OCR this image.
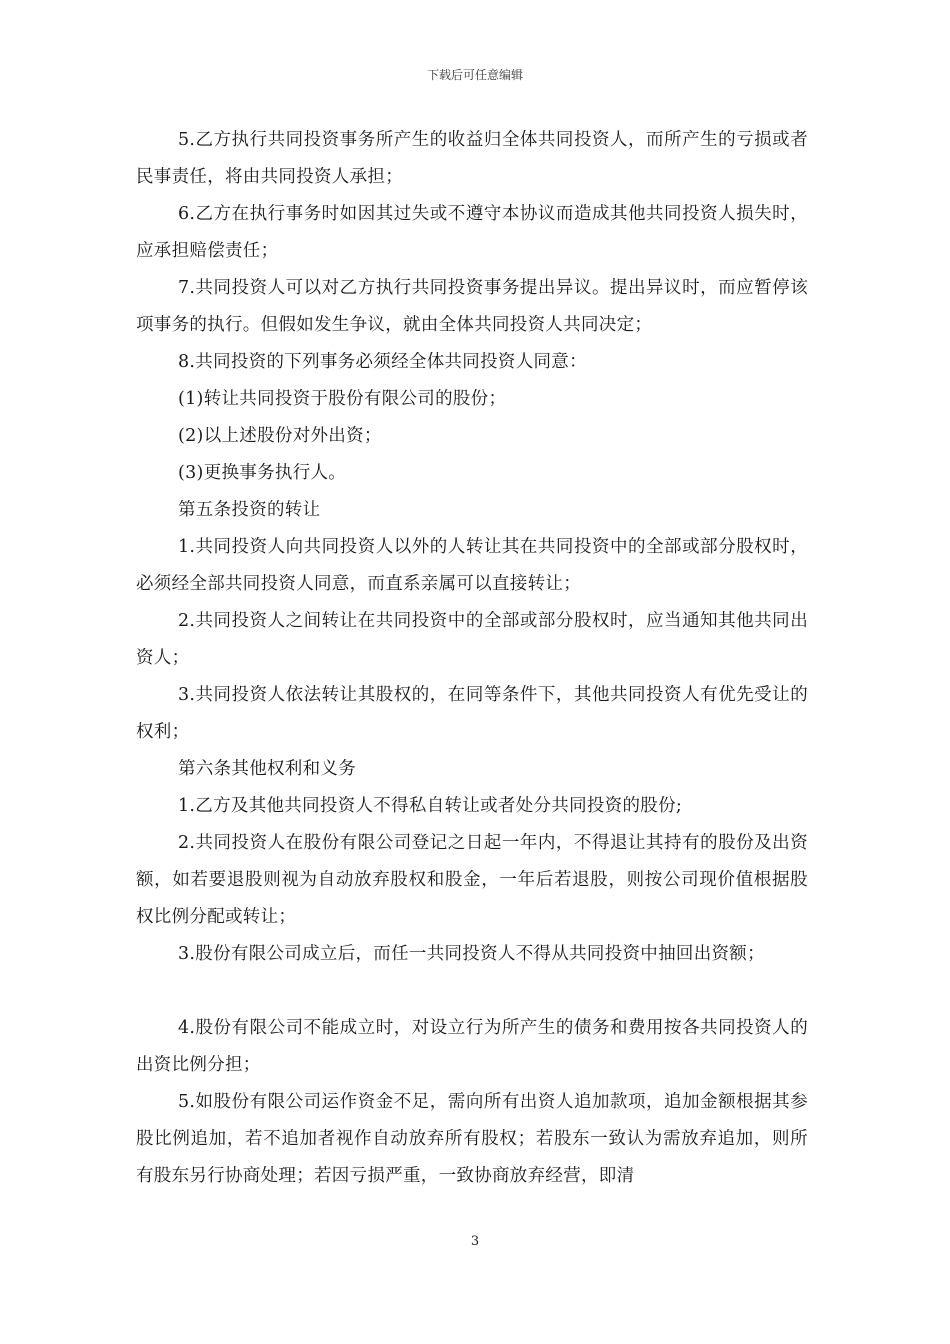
下载后可任意编辑

5.乙方执行共同投资事务所产生的收益归全体共同投资人，而所产生的亏损或者民事责任，将由共同投资人承担；

6.乙方在执行事务时如因其过失或不遵守本协议而造成其他共同投资人损失时，应承担赔偿责任；

7.共同投资人可以对乙方执行共同投资事务提出异议。提出异议时，而应暂停该项事务的执行。但假如发生争议，就由全体共同投资人共同决定；

8.共同投资的下列事务必须经全体共同投资人同意：

(1)转让共同投资于股份有限公司的股份；

(2)以上述股份对外出资；

(3)更换事务执行人。

第五条投资的转让

1.共同投资人向共同投资人以外的人转让其在共同投资中的全部或部分股权时，必须经全部共同投资人同意，而直系亲属可以直接转让；

2.共同投资人之间转让在共同投资中的全部或部分股权时，应当通知其他共同出资人；

3.共同投资人依法转让其股权的，在同等条件下，其他共同投资人有优先受让的权利；

第六条其他权利和义务

1.乙方及其他共同投资人不得私自转让或者处分共同投资的股份;

2.共同投资人在股份有限公司登记之日起一年内，不得退让其持有的股份及出资额，如若要退股则视为自动放弃股权和股金，一年后若退股，则按公司现价值根据股权比例分配或转让；

3.股份有限公司成立后，而任一共同投资人不得从共同投资中抽回出资额；

4.股份有限公司不能成立时，对设立行为所产生的债务和费用按各共同投资人的出资比例分担；

5.如股份有限公司运作资金不足，需向所有出资人追加款项，追加金额根据其参股比例追加，若不追加者视作自动放弃所有股权；若股东一致认为需放弃追加，则所有股东另行协商处理；若因亏损严重，一致协商放弃经营，即清

3
